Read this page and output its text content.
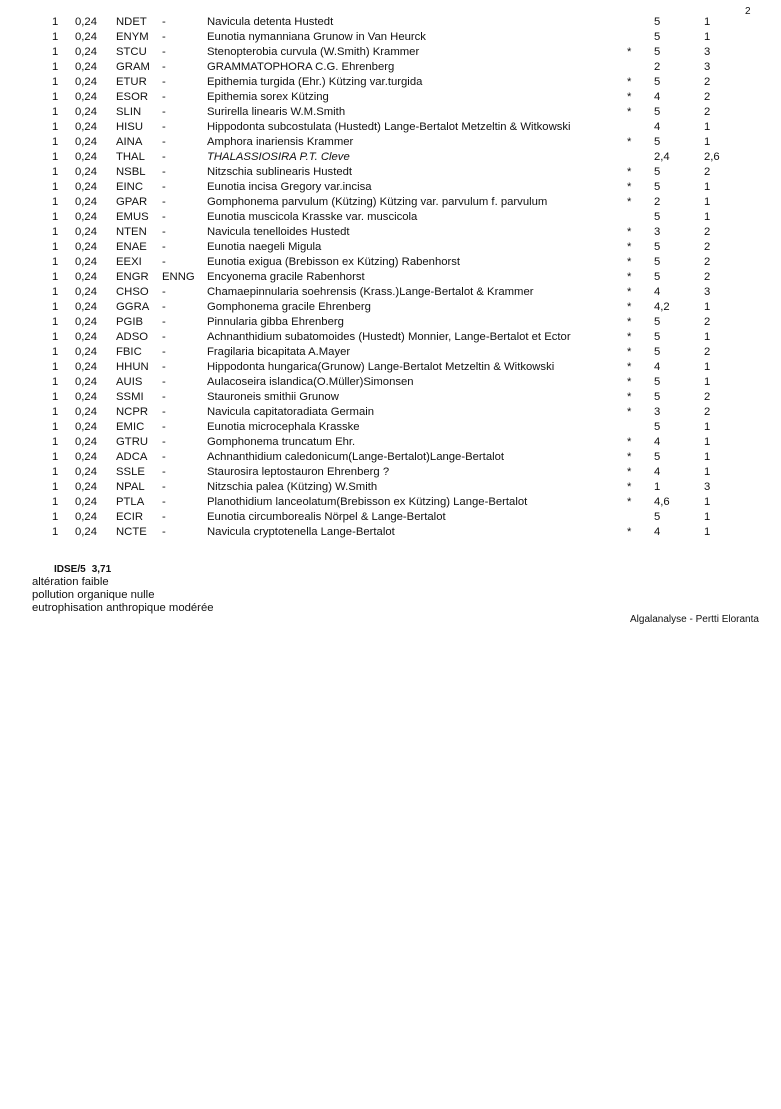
2
1 0,24 NDET -	Navicula detenta Hustedt	5	1
1 0,24 ENYM -	Eunotia nymanniana Grunow in Van Heurck	5	1
1 0,24 STCU -	Stenopterobia curvula (W.Smith) Krammer	* 5	3
1 0,24 GRAM -	GRAMMATOPHORA C.G. Ehrenberg	2	3
1 0,24 ETUR -	Epithemia turgida (Ehr.) Kützing var.turgida	* 5	2
1 0,24 ESOR -	Epithemia sorex Kützing	* 4	2
1 0,24 SLIN -	Surirella linearis W.M.Smith	* 5	2
1 0,24 HISU -	Hippodonta subcostulata (Hustedt) Lange-Bertalot Metzeltin & Witkowski	4	1
1 0,24 AINA -	Amphora inariensis Krammer	* 5	1
1 0,24 THAL -	THALASSIOSIRA P.T. Cleve	2,4	2,6
1 0,24 NSBL -	Nitzschia sublinearis Hustedt	* 5	2
1 0,24 EINC -	Eunotia incisa Gregory var.incisa	* 5	1
1 0,24 GPAR -	Gomphonema parvulum (Kützing) Kützing var. parvulum f. parvulum	* 2	1
1 0,24 EMUS -	Eunotia muscicola Krasske var. muscicola	5	1
1 0,24 NTEN -	Navicula tenelloides Hustedt	* 3	2
1 0,24 ENAE -	Eunotia naegeli Migula	* 5	2
1 0,24 EEXI -	Eunotia exigua (Brebisson ex Kützing) Rabenhorst	* 5	2
1 0,24 ENGR ENNG Encyonema gracile Rabenhorst	* 5	2
1 0,24 CHSO -	Chamaepinnularia soehrensis (Krass.)Lange-Bertalot & Krammer	* 4	3
1 0,24 GGRA -	Gomphonema gracile Ehrenberg	* 4,2	1
1 0,24 PGIB -	Pinnularia gibba Ehrenberg	* 5	2
1 0,24 ADSO -	Achnanthidium subatomoides (Hustedt) Monnier, Lange-Bertalot et Ector	* 5	1
1 0,24 FBIC -	Fragilaria bicapitata A.Mayer	* 5	2
1 0,24 HHUN -	Hippodonta hungarica(Grunow) Lange-Bertalot Metzeltin & Witkowski	* 4	1
1 0,24 AUIS -	Aulacoseira islandica(O.Müller)Simonsen	* 5	1
1 0,24 SSMI -	Stauroneis smithii Grunow	* 5	2
1 0,24 NCPR -	Navicula capitatoradiata Germain	* 3	2
1 0,24 EMIC -	Eunotia microcephala Krasske	5	1
1 0,24 GTRU -	Gomphonema truncatum Ehr.	* 4	1
1 0,24 ADCA -	Achnanthidium caledonicum(Lange-Bertalot)Lange-Bertalot	* 5	1
1 0,24 SSLE -	Staurosira leptostauron Ehrenberg ?	* 4	1
1 0,24 NPAL -	Nitzschia palea (Kützing) W.Smith	* 1	3
1 0,24 PTLA -	Planothidium lanceolatum(Brebisson ex Kützing) Lange-Bertalot	* 4,6	1
1 0,24 ECIR -	Eunotia circumborealis Nörpel & Lange-Bertalot	5	1
1 0,24 NCTE -	Navicula cryptotenella Lange-Bertalot	* 4	1
IDSE/5 3,71
altération faible
pollution organique nulle
eutrophisation anthropique modérée
Algalanalyse - Pertti Eloranta
